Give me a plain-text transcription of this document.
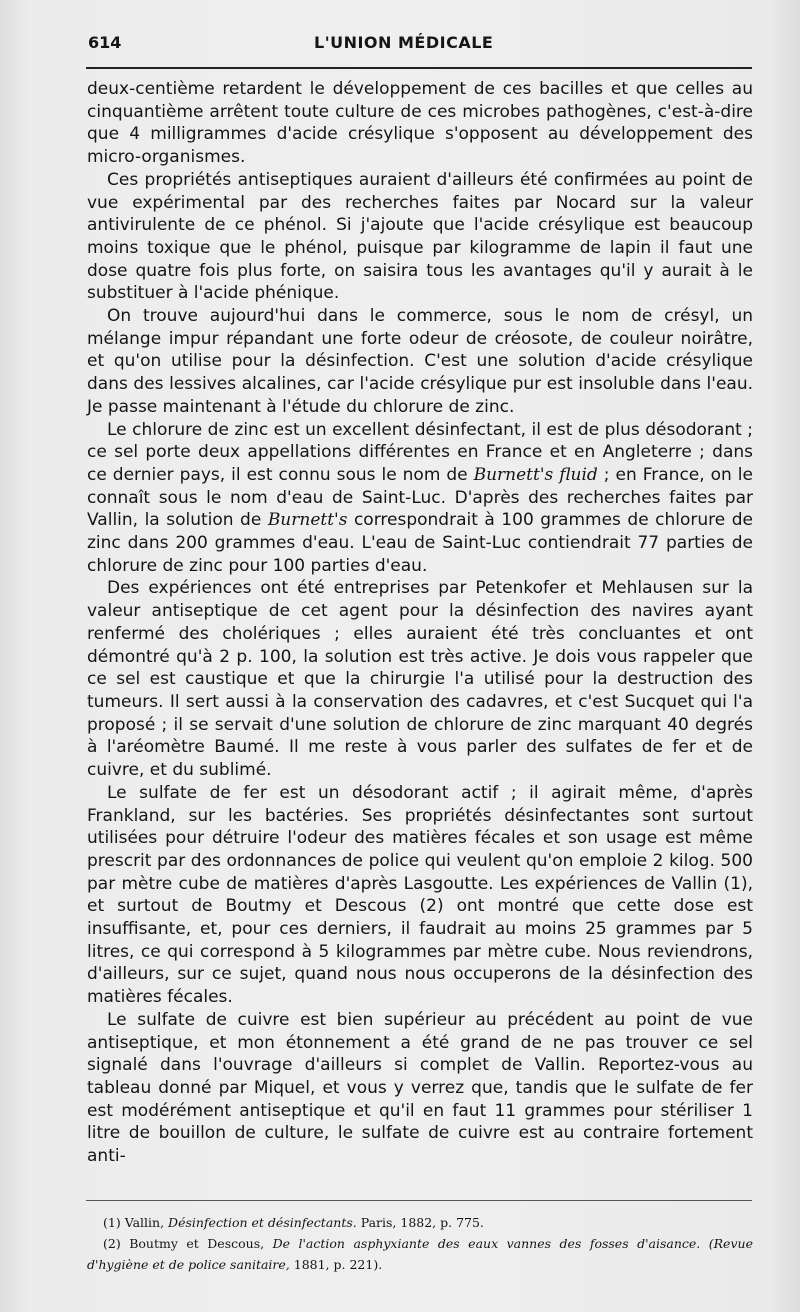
614	L'UNION MÉDICALE

deux-centième retardent le développement de ces bacilles et que celles au cinquantième arrêtent toute culture de ces microbes pathogènes, c'est-à-dire que 4 milligrammes d'acide crésylique s'opposent au développement des micro-organismes.

Ces propriétés antiseptiques auraient d'ailleurs été confirmées au point de vue expérimental par des recherches faites par Nocard sur la valeur antivirulente de ce phénol. Si j'ajoute que l'acide crésylique est beaucoup moins toxique que le phénol, puisque par kilogramme de lapin il faut une dose quatre fois plus forte, on saisira tous les avantages qu'il y aurait à le substituer à l'acide phénique.

On trouve aujourd'hui dans le commerce, sous le nom de crésyl, un mélange impur répandant une forte odeur de créosote, de couleur noirâtre, et qu'on utilise pour la désinfection. C'est une solution d'acide crésylique dans des lessives alcalines, car l'acide crésylique pur est insoluble dans l'eau. Je passe maintenant à l'étude du chlorure de zinc.

Le chlorure de zinc est un excellent désinfectant, il est de plus désodorant ; ce sel porte deux appellations différentes en France et en Angleterre ; dans ce dernier pays, il est connu sous le nom de Burnett's fluid ; en France, on le connaît sous le nom d'eau de Saint-Luc. D'après des recherches faites par Vallin, la solution de Burnett's correspondrait à 100 grammes de chlorure de zinc dans 200 grammes d'eau. L'eau de Saint-Luc contiendrait 77 parties de chlorure de zinc pour 100 parties d'eau.

Des expériences ont été entreprises par Petenkofer et Mehlausen sur la valeur antiseptique de cet agent pour la désinfection des navires ayant renfermé des cholériques ; elles auraient été très concluantes et ont démontré qu'à 2 p. 100, la solution est très active. Je dois vous rappeler que ce sel est caustique et que la chirurgie l'a utilisé pour la destruction des tumeurs. Il sert aussi à la conservation des cadavres, et c'est Sucquet qui l'a proposé ; il se servait d'une solution de chlorure de zinc marquant 40 degrés à l'aréomètre Baumé. Il me reste à vous parler des sulfates de fer et de cuivre, et du sublimé.

Le sulfate de fer est un désodorant actif ; il agirait même, d'après Frankland, sur les bactéries. Ses propriétés désinfectantes sont surtout utilisées pour détruire l'odeur des matières fécales et son usage est même prescrit par des ordonnances de police qui veulent qu'on emploie 2 kilog. 500 par mètre cube de matières d'après Lasgoutte. Les expériences de Vallin (1), et surtout de Boutmy et Descous (2) ont montré que cette dose est insuffisante, et, pour ces derniers, il faudrait au moins 25 grammes par 5 litres, ce qui correspond à 5 kilogrammes par mètre cube. Nous reviendrons, d'ailleurs, sur ce sujet, quand nous nous occuperons de la désinfection des matières fécales.

Le sulfate de cuivre est bien supérieur au précédent au point de vue antiseptique, et mon étonnement a été grand de ne pas trouver ce sel signalé dans l'ouvrage d'ailleurs si complet de Vallin. Reportez-vous au tableau donné par Miquel, et vous y verrez que, tandis que le sulfate de fer est modérément antiseptique et qu'il en faut 11 grammes pour stériliser 1 litre de bouillon de culture, le sulfate de cuivre est au contraire fortement anti-

(1) Vallin, Désinfection et désinfectants. Paris, 1882, p. 775.

(2) Boutmy et Descous, De l'action asphyxiante des eaux vannes des fosses d'aisance. (Revue d'hygiène et de police sanitaire, 1881, p. 221).
